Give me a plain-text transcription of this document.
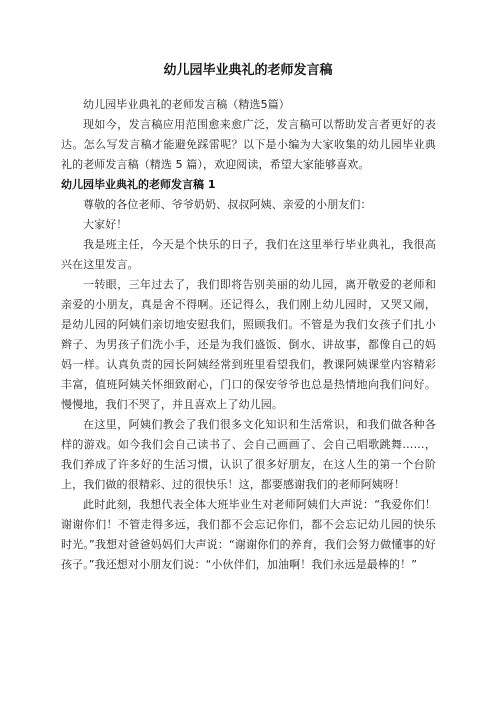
幼儿园毕业典礼的老师发言稿

幼儿园毕业典礼的老师发言稿（精选5篇）

现如今，发言稿应用范围愈来愈广泛，发言稿可以帮助发言者更好的表达。怎么写发言稿才能避免踩雷呢？以下是小编为大家收集的幼儿园毕业典礼的老师发言稿（精选 5 篇），欢迎阅读，希望大家能够喜欢。

幼儿园毕业典礼的老师发言稿 1

尊敬的各位老师、爷爷奶奶、叔叔阿姨、亲爱的小朋友们：

大家好！

我是班主任，今天是个快乐的日子，我们在这里举行毕业典礼，我很高兴在这里发言。

一转眼，三年过去了，我们即将告别美丽的幼儿园，离开敬爱的老师和亲爱的小朋友，真是舍不得啊。还记得么，我们刚上幼儿园时，又哭又闹，是幼儿园的阿姨们亲切地安慰我们，照顾我们。不管是为我们女孩子们扎小辫子、为男孩子们洗小手，还是为我们盛饭、倒水、讲故事，都像自己的妈妈一样。认真负责的园长阿姨经常到班里看望我们，教课阿姨课堂内容精彩丰富，值班阿姨关怀细致耐心，门口的保安爷爷也总是热情地向我们问好。慢慢地，我们不哭了，并且喜欢上了幼儿园。

在这里，阿姨们教会了我们很多文化知识和生活常识，和我们做各种各样的游戏。如今我们会自己读书了、会自己画画了、会自己唱歌跳舞……，我们养成了许多好的生活习惯，认识了很多好朋友，在这人生的第一个台阶上，我们做的很精彩、过的很快乐！这，都要感谢我们的老师阿姨呀！

此时此刻，我想代表全体大班毕业生对老师阿姨们大声说：“我爱你们！谢谢你们！不管走得多远，我们都不会忘记你们，都不会忘记幼儿园的快乐时光。”我想对爸爸妈妈们大声说：“谢谢你们的养育，我们会努力做懂事的好孩子。”我还想对小朋友们说：“小伙伴们，加油啊！我们永远是最棒的！”
